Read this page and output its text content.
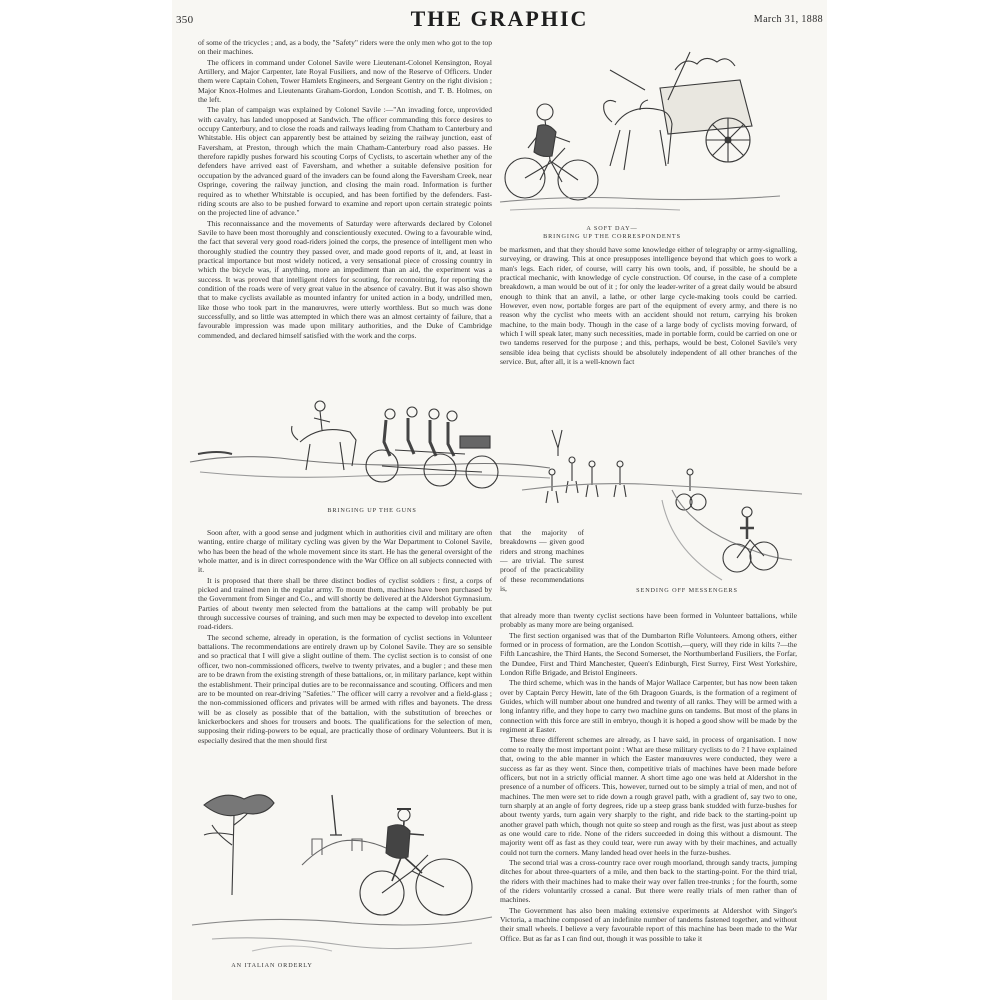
350	THE GRAPHIC	March 31, 1888

of some of the tricycles ; and, as a body, the "Safety" riders were the only men who got to the top on their machines.

The officers in command under Colonel Savile were Lieutenant-Colonel Kensington, Royal Artillery, and Major Carpenter, late Royal Fusiliers, and now of the Reserve of Officers. Under them were Captain Cohen, Tower Hamlets Engineers, and Sergeant Gentry on the right division ; Major Knox-Holmes and Lieutenants Graham-Gordon, London Scottish, and T. B. Holmes, on the left.

The plan of campaign was explained by Colonel Savile :—"An invading force, unprovided with cavalry, has landed unopposed at Sandwich. The officer commanding this force desires to occupy Canterbury, and to close the roads and railways leading from Chatham to Canterbury and Whitstable. His object can apparently best be attained by seizing the railway junction, east of Faversham, at Preston, through which the main Chatham-Canterbury road also passes. He therefore rapidly pushes forward his scouting Corps of Cyclists, to ascertain whether any of the defenders have arrived east of Faversham, and whether a suitable defensive position for occupation by the advanced guard of the invaders can be found along the Faversham Creek, near Ospringe, covering the railway junction, and closing the main road. Information is further required as to whether Whitstable is occupied, and has been fortified by the defenders. Fast-riding scouts are also to be pushed forward to examine and report upon certain strategic points on the projected line of advance."

This reconnaissance and the movements of Saturday were afterwards declared by Colonel Savile to have been most thoroughly and conscientiously executed. Owing to a favourable wind, the fact that several very good road-riders joined the corps, the presence of intelligent men who thoroughly studied the country they passed over, and made good reports of it, and, at least in practical importance but most widely noticed, a very sensational piece of crossing country in which the bicycle was, if anything, more an impediment than an aid, the experiment was a success. It was proved that intelligent riders for scouting, for reconnoitring, for reporting the condition of the roads were of very great value in the absence of cavalry. But it was also shown that to make cyclists available as mounted infantry for united action in a body, undrilled men, like those who took part in the manœuvres, were utterly worthless. But so much was done successfully, and so little was attempted in which there was an almost certainty of failure, that a favourable impression was made upon military authorities, and the Duke of Cambridge commended, and declared himself satisfied with the work and the corps.

A SOFT DAY—
BRINGING UP THE CORRESPONDENTS

be marksmen, and that they should have some knowledge either of telegraphy or army-signalling, surveying, or drawing. This at once presupposes intelligence beyond that which goes to work a man's legs. Each rider, of course, will carry his own tools, and, if possible, he should be a practical mechanic, with knowledge of cycle construction. Of course, in the case of a complete breakdown, a man would be out of it ; for only the leader-writer of a great daily would be absurd enough to think that an anvil, a lathe, or other large cycle-making tools could be carried. However, even now, portable forges are part of the equipment of every army, and there is no reason why the cyclist who meets with an accident should not return, carrying his broken machine, to the main body. Though in the case of a large body of cyclists moving forward, of which I will speak later, many such necessities, made in portable form, could be carried on one or two tandems reserved for the purpose ; and this, perhaps, would be best, Colonel Savile's very sensible idea being that cyclists should be absolutely independent of all other branches of the service. But, after all, it is a well-known fact

BRINGING UP THE GUNS
SENDING OFF MESSENGERS

Soon after, with a good sense and judgment which in authorities civil and military are often wanting, entire charge of military cycling was given by the War Department to Colonel Savile, who has been the head of the whole movement since its start. He has the general oversight of the whole matter, and is in direct correspondence with the War Office on all subjects connected with it.

It is proposed that there shall be three distinct bodies of cyclist soldiers : first, a corps of picked and trained men in the regular army. To mount them, machines have been purchased by the Government from Singer and Co., and will shortly be delivered at the Aldershot Gymnasium. Parties of about twenty men selected from the battalions at the camp will probably be put through successive courses of training, and such men may be expected to develop into excellent road-riders.

The second scheme, already in operation, is the formation of cyclist sections in Volunteer battalions. The recommendations are entirely drawn up by Colonel Savile. They are so sensible and so practical that I will give a slight outline of them. The cyclist section is to consist of one officer, two non-commissioned officers, twelve to twenty privates, and a bugler ; and these men are to be drawn from the existing strength of these battalions, or, in military parlance, kept within the establishment. Their principal duties are to be reconnaissance and scouting. Officers and men are to be mounted on rear-driving "Safeties." The officer will carry a revolver and a field-glass ; the non-commissioned officers and privates will be armed with rifles and bayonets. The dress will be as closely as possible that of the battalion, with the substitution of breeches or knickerbockers and shoes for trousers and boots. The qualifications for the selection of men, supposing their riding-powers to be equal, are practically those of ordinary Volunteers. But it is especially desired that the men should first

that the majority of breakdowns — given good riders and strong machines — are trivial. The surest proof of the practicability of these recommendations is,

that already more than twenty cyclist sections have been formed in Volunteer battalions, while probably as many more are being organised.

The first section organised was that of the Dumbarton Rifle Volunteers. Among others, either formed or in process of formation, are the London Scottish,—query, will they ride in kilts ?—the Fifth Lancashire, the Third Hants, the Second Somerset, the Northumberland Fusiliers, the Forfar, the Dundee, First and Third Manchester, Queen's Edinburgh, First Surrey, First West Yorkshire, London Rifle Brigade, and Bristol Engineers.

The third scheme, which was in the hands of Major Wallace Carpenter, but has now been taken over by Captain Percy Hewitt, late of the 6th Dragoon Guards, is the formation of a regiment of Guides, which will number about one hundred and twenty of all ranks. They will be armed with a long infantry rifle, and they hope to carry two machine guns on tandems. But most of the plans in connection with this force are still in embryo, though it is hoped a good show will be made by the regiment at Easter.

These three different schemes are already, as I have said, in process of organisation. I now come to really the most important point : What are these military cyclists to do ? I have explained that, owing to the able manner in which the Easter manœuvres were conducted, they were a success as far as they went. Since then, competitive trials of machines have been made before officers, but not in a strictly official manner. A short time ago one was held at Aldershot in the presence of a number of officers. This, however, turned out to be simply a trial of men, and not of machines. The men were set to ride down a rough gravel path, with a gradient of, say two to one, turn sharply at an angle of forty degrees, ride up a steep grass bank studded with furze-bushes for about twenty yards, turn again very sharply to the right, and ride back to the starting-point up another gravel path which, though not quite so steep and rough as the first, was just about as steep as one would care to ride. None of the riders succeeded in doing this without a dismount. The majority went off as fast as they could tear, were run away with by their machines, and actually could not turn the corners. Many landed head over heels in the furze-bushes.

The second trial was a cross-country race over rough moorland, through sandy tracts, jumping ditches for about three-quarters of a mile, and then back to the starting-point. For the third trial, the riders with their machines had to make their way over fallen tree-trunks ; for the fourth, some of the riders voluntarily crossed a canal. But there were really trials of men rather than of machines.

The Government has also been making extensive experiments at Aldershot with Singer's Victoria, a machine composed of an indefinite number of tandems fastened together, and without their small wheels. I believe a very favourable report of this machine has been made to the War Office. But as far as I can find out, though it was possible to take it

AN ITALIAN ORDERLY
